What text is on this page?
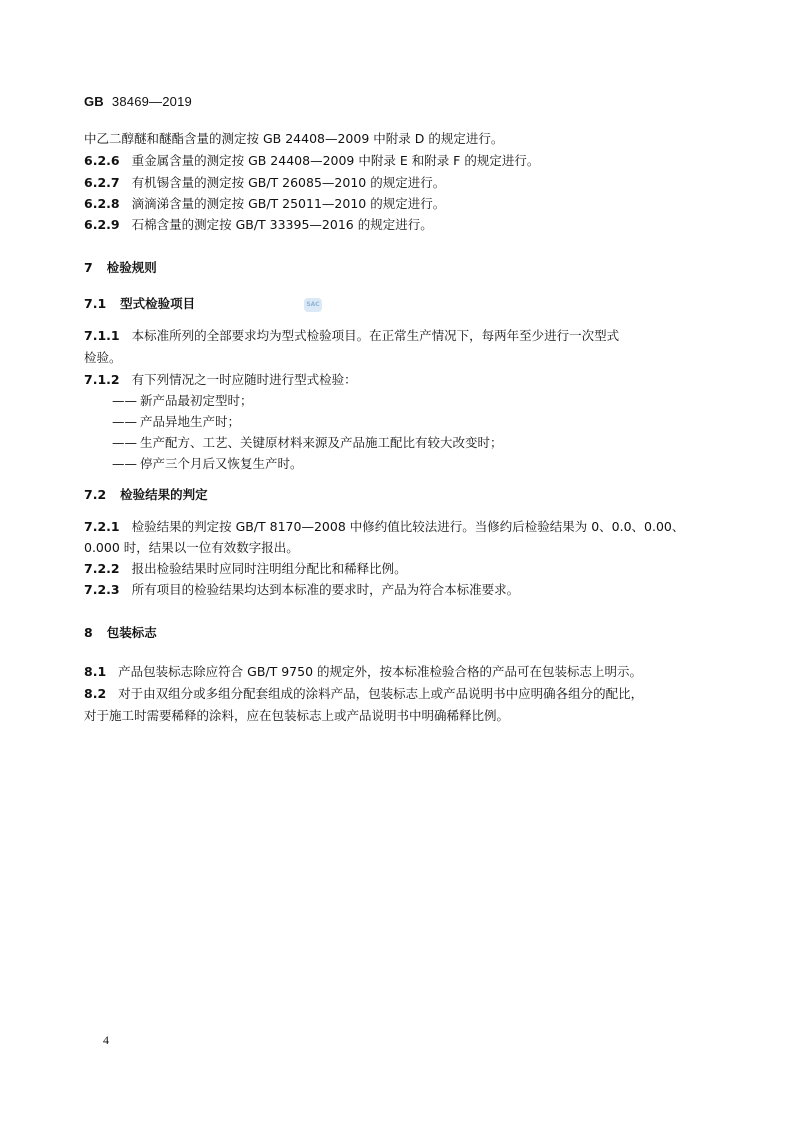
GB 38469—2019
中乙二醇醚和醚酯含量的测定按 GB 24408—2009 中附录 D 的规定进行。
6.2.6 重金属含量的测定按 GB 24408—2009 中附录 E 和附录 F 的规定进行。
6.2.7 有机锡含量的测定按 GB/T 26085—2010 的规定进行。
6.2.8 滴滴涕含量的测定按 GB/T 25011—2010 的规定进行。
6.2.9 石棉含量的测定按 GB/T 33395—2016 的规定进行。
7 检验规则
7.1 型式检验项目	SAC
7.1.1 本标准所列的全部要求均为型式检验项目。在正常生产情况下，每两年至少进行一次型式
检验。
7.1.2 有下列情况之一时应随时进行型式检验：
—— 新产品最初定型时；
—— 产品异地生产时；
—— 生产配方、工艺、关键原材料来源及产品施工配比有较大改变时；
—— 停产三个月后又恢复生产时。
7.2 检验结果的判定
7.2.1 检验结果的判定按 GB/T 8170—2008 中修约值比较法进行。当修约后检验结果为 0、0.0、0.00、
0.000 时，结果以一位有效数字报出。
7.2.2 报出检验结果时应同时注明组分配比和稀释比例。
7.2.3 所有项目的检验结果均达到本标准的要求时，产品为符合本标准要求。
8 包装标志
8.1 产品包装标志除应符合 GB/T 9750 的规定外，按本标准检验合格的产品可在包装标志上明示。
8.2 对于由双组分或多组分配套组成的涂料产品，包装标志上或产品说明书中应明确各组分的配比，
对于施工时需要稀释的涂料，应在包装标志上或产品说明书中明确稀释比例。
4
